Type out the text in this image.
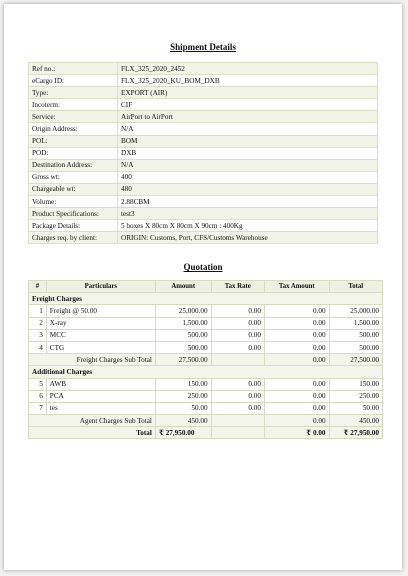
Shipment Details
Ref no.:	FLX_325_2020_2452
eCargo ID:	FLX_325_2020_KU_BOM_DXB
Type:	EXPORT (AIR)
Incoterm:	CIF
Service:	AirPort to AirPort
Origin Address:	N/A
POL:	BOM
POD:	DXB
Destination Address:	N/A
Gross wt:	400
Chargeable wt:	480
Volume:	2.88CBM
Product Specifications:	test3
Package Details:	5 boxes X 80cm X 80cm X 90cm : 400Kg
Charges req. by client:	ORIGIN: Customs, Port, CFS/Customs Warehouse
Quotation
#	Particulars	Amount	Tax Rate	Tax Amount	Total
Freight Charges					
1	Freight @ 50.00	25,000.00	0.00	0.00	25,000.00
2	X-ray	1,500.00	0.00	0.00	1,500.00
3	MCC	500.00	0.00	0.00	500.00
4	CTG	500.00	0.00	0.00	500.00
Freight Charges Sub Total		27,500.00		0.00	27,500.00
Additional Charges					
5	AWB	150.00	0.00	0.00	150.00
6	PCA	250.00	0.00	0.00	250.00
7	tes	50.00	0.00	0.00	50.00
Agent Charges Sub Total		450.00		0.00	450.00
Total		₹ 27,950.00		₹ 0.00	₹ 27,950.00
